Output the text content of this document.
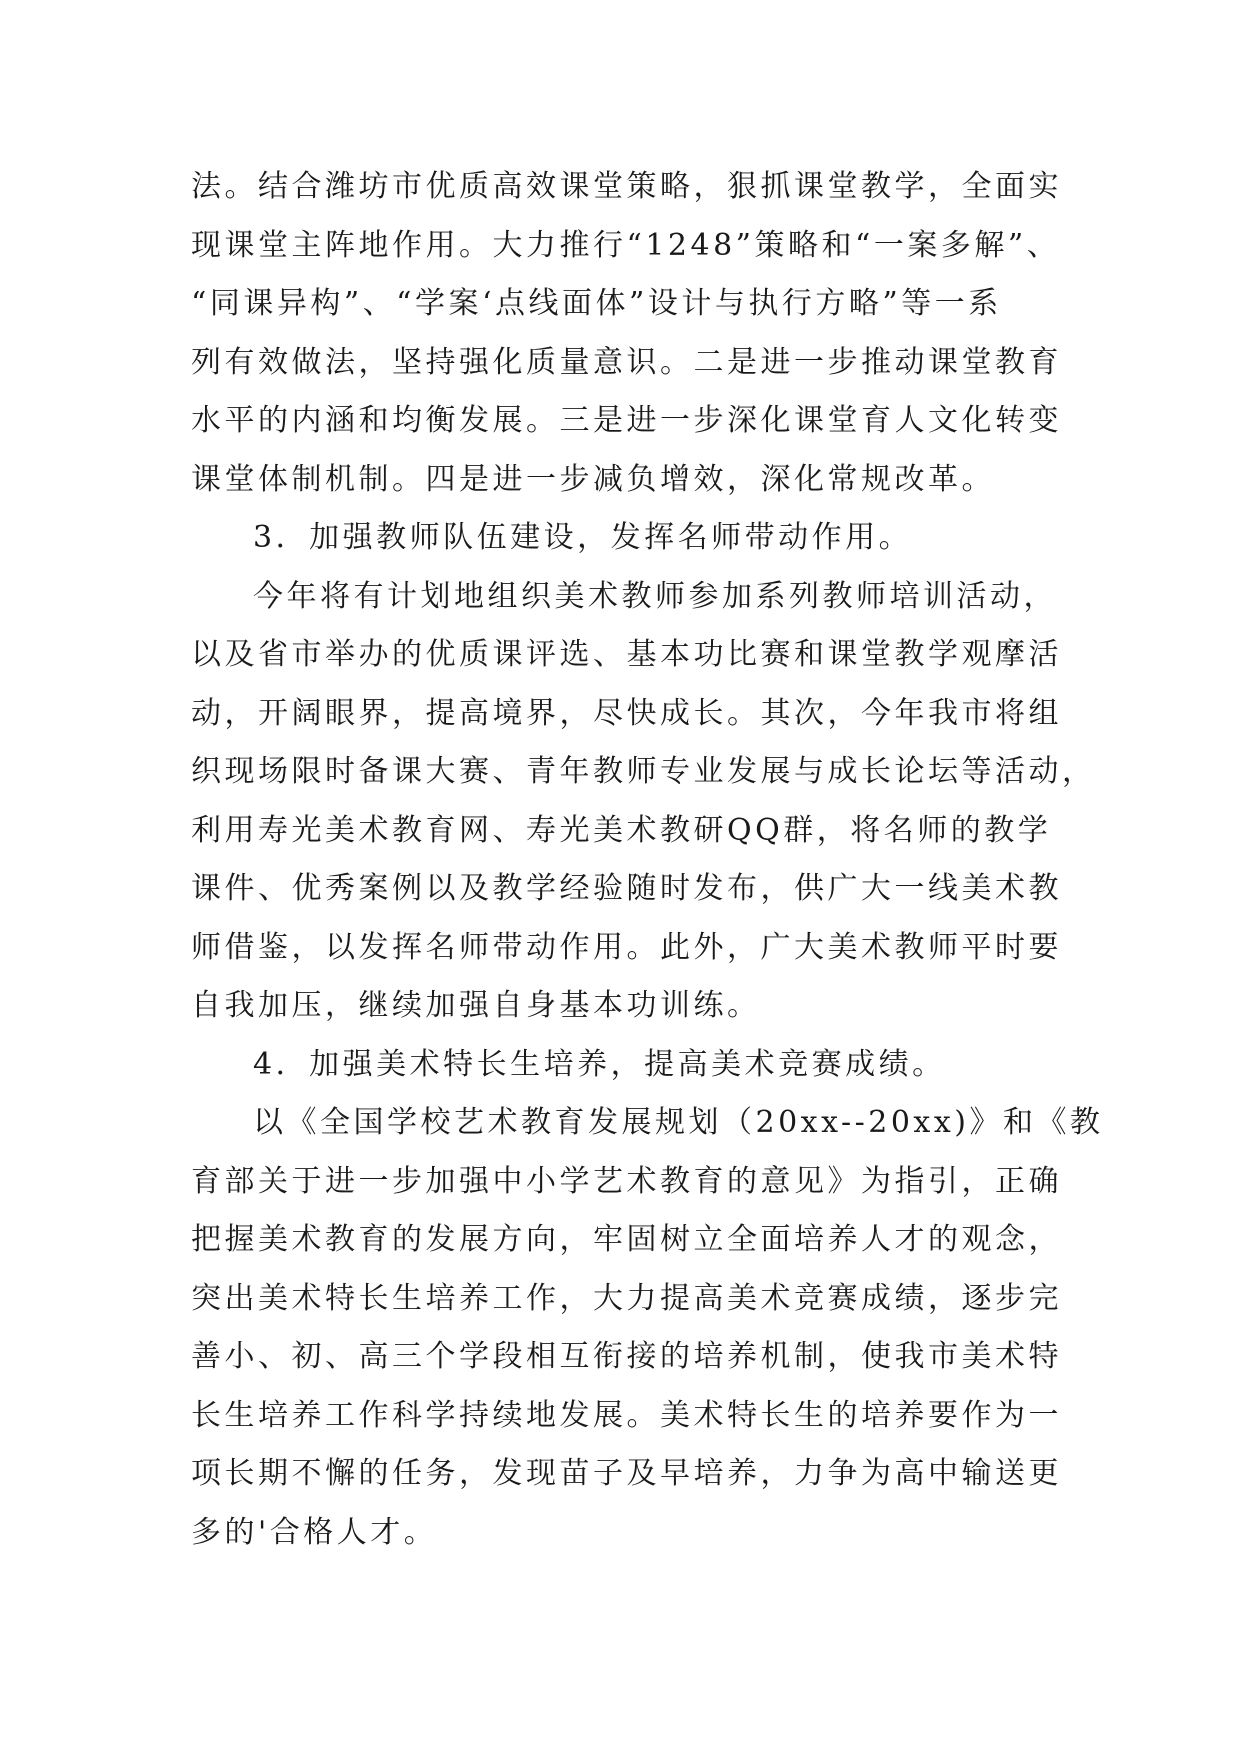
法。结合潍坊市优质高效课堂策略，狠抓课堂教学，全面实
现课堂主阵地作用。大力推行“1248”策略和“一案多解”、
“同课异构”、“学案‘点线面体”设计与执行方略”等一系
列有效做法，坚持强化质量意识。二是进一步推动课堂教育
水平的内涵和均衡发展。三是进一步深化课堂育人文化转变
课堂体制机制。四是进一步减负增效，深化常规改革。
3．加强教师队伍建设，发挥名师带动作用。
今年将有计划地组织美术教师参加系列教师培训活动，
以及省市举办的优质课评选、基本功比赛和课堂教学观摩活
动，开阔眼界，提高境界，尽快成长。其次，今年我市将组
织现场限时备课大赛、青年教师专业发展与成长论坛等活动，
利用寿光美术教育网、寿光美术教研QQ群，将名师的教学
课件、优秀案例以及教学经验随时发布，供广大一线美术教
师借鉴，以发挥名师带动作用。此外，广大美术教师平时要
自我加压，继续加强自身基本功训练。
4．加强美术特长生培养，提高美术竞赛成绩。
以《全国学校艺术教育发展规划（20xx--20xx)》和《教
育部关于进一步加强中小学艺术教育的意见》为指引，正确
把握美术教育的发展方向，牢固树立全面培养人才的观念，
突出美术特长生培养工作，大力提高美术竞赛成绩，逐步完
善小、初、高三个学段相互衔接的培养机制，使我市美术特
长生培养工作科学持续地发展。美术特长生的培养要作为一
项长期不懈的任务，发现苗子及早培养，力争为高中输送更
多的'合格人才。
